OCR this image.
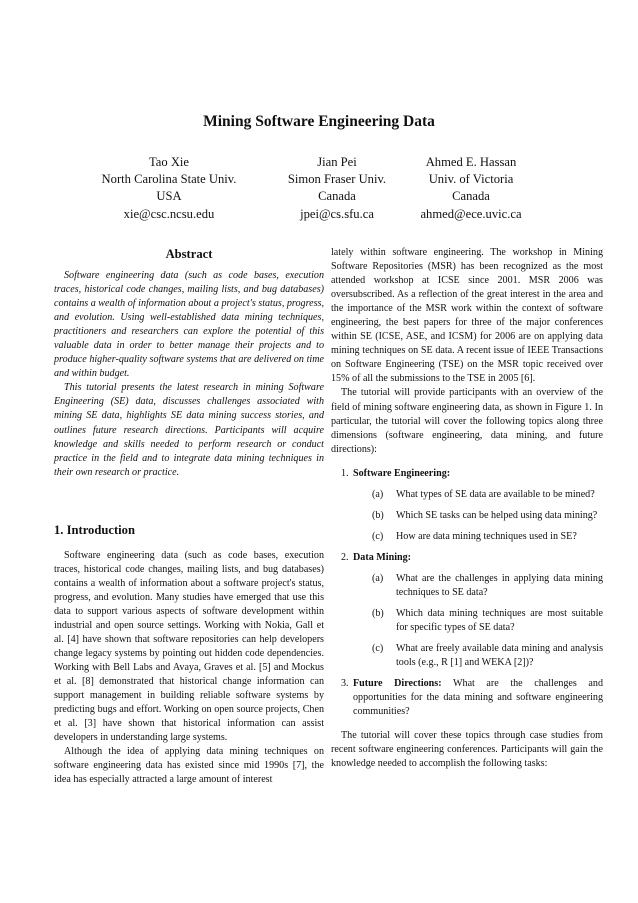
Mining Software Engineering Data
Tao Xie
North Carolina State Univ.
USA
xie@csc.ncsu.edu
Jian Pei
Simon Fraser Univ.
Canada
jpei@cs.sfu.ca
Ahmed E. Hassan
Univ. of Victoria
Canada
ahmed@ece.uvic.ca
Abstract

Software engineering data (such as code bases, execution traces, historical code changes, mailing lists, and bug databases) contains a wealth of information about a project's status, progress, and evolution. Using well-established data mining techniques, practitioners and researchers can explore the potential of this valuable data in order to better manage their projects and to produce higher-quality software systems that are delivered on time and within budget.

This tutorial presents the latest research in mining Software Engineering (SE) data, discusses challenges associated with mining SE data, highlights SE data mining success stories, and outlines future research directions. Participants will acquire knowledge and skills needed to perform research or conduct practice in the field and to integrate data mining techniques in their own research or practice.

1. Introduction

Software engineering data (such as code bases, execution traces, historical code changes, mailing lists, and bug databases) contains a wealth of information about a software project's status, progress, and evolution. Many studies have emerged that use this data to support various aspects of software development within industrial and open source settings. Working with Nokia, Gall et al. [4] have shown that software repositories can help developers change legacy systems by pointing out hidden code dependencies. Working with Bell Labs and Avaya, Graves et al. [5] and Mockus et al. [8] demonstrated that historical change information can support management in building reliable software systems by predicting bugs and effort. Working on open source projects, Chen et al. [3] have shown that historical information can assist developers in understanding large systems.

Although the idea of applying data mining techniques on software engineering data has existed since mid 1990s [7], the idea has especially attracted a large amount of interest

lately within software engineering. The workshop in Mining Software Repositories (MSR) has been recognized as the most attended workshop at ICSE since 2001. MSR 2006 was oversubscribed. As a reflection of the great interest in the area and the importance of the MSR work within the context of software engineering, the best papers for three of the major conferences within SE (ICSE, ASE, and ICSM) for 2006 are on applying data mining techniques on SE data. A recent issue of IEEE Transactions on Software Engineering (TSE) on the MSR topic received over 15% of all the submissions to the TSE in 2005 [6].

The tutorial will provide participants with an overview of the field of mining software engineering data, as shown in Figure 1. In particular, the tutorial will cover the following topics along three dimensions (software engineering, data mining, and future directions):

1. Software Engineering:
(a) What types of SE data are available to be mined?
(b) Which SE tasks can be helped using data mining?
(c) How are data mining techniques used in SE?
2. Data Mining:
(a) What are the challenges in applying data mining techniques to SE data?
(b) Which data mining techniques are most suitable for specific types of SE data?
(c) What are freely available data mining and analysis tools (e.g., R [1] and WEKA [2])?
3. Future Directions: What are the challenges and opportunities for the data mining and software engineering communities?

The tutorial will cover these topics through case studies from recent software engineering conferences. Participants will gain the knowledge needed to accomplish the following tasks:
